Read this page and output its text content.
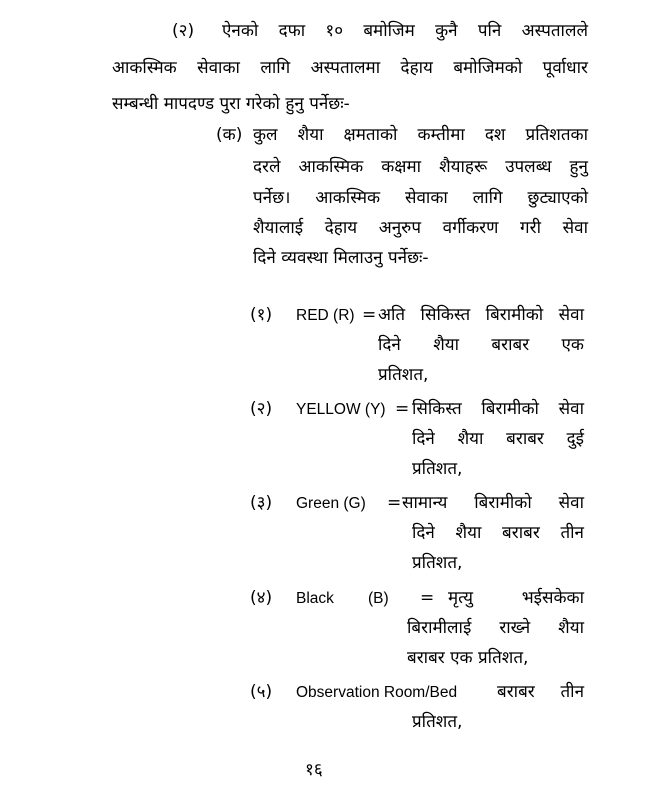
(२) ऐनको दफा १० बमोजिम कुनै पनि अस्पतालले
आकस्मिक सेवाका लागि अस्पतालमा देहाय बमोजिमको पूर्वाधार
सम्बन्धी मापदण्ड पुरा गरेको हुनु पर्नेछः-
(क) कुल शैया क्षमताको कम्तीमा दश प्रतिशतका
दरले आकस्मिक कक्षमा शैयाहरू उपलब्ध हुनु
पर्नेछ। आकस्मिक सेवाका लागि छुट्याएको
शैयालाई देहाय अनुरुप वर्गीकरण गरी सेवा
दिने व्यवस्था मिलाउनु पर्नेछः-
(१) RED (R) = अति सिकिस्त बिरामीको सेवा
दिने शैया बराबर एक
प्रतिशत,
(२) YELLOW (Y) = सिकिस्त बिरामीको सेवा
दिने शैया बराबर दुई
प्रतिशत,
(३) Green (G) = सामान्य बिरामीको सेवा
दिने शैया बराबर तीन
प्रतिशत,
(४) Black (B) = मृत्यु भईसकेका
बिरामीलाई राख्ने शैया
बराबर एक प्रतिशत,
(५) Observation Room/Bed बराबर तीन
प्रतिशत,
१६
